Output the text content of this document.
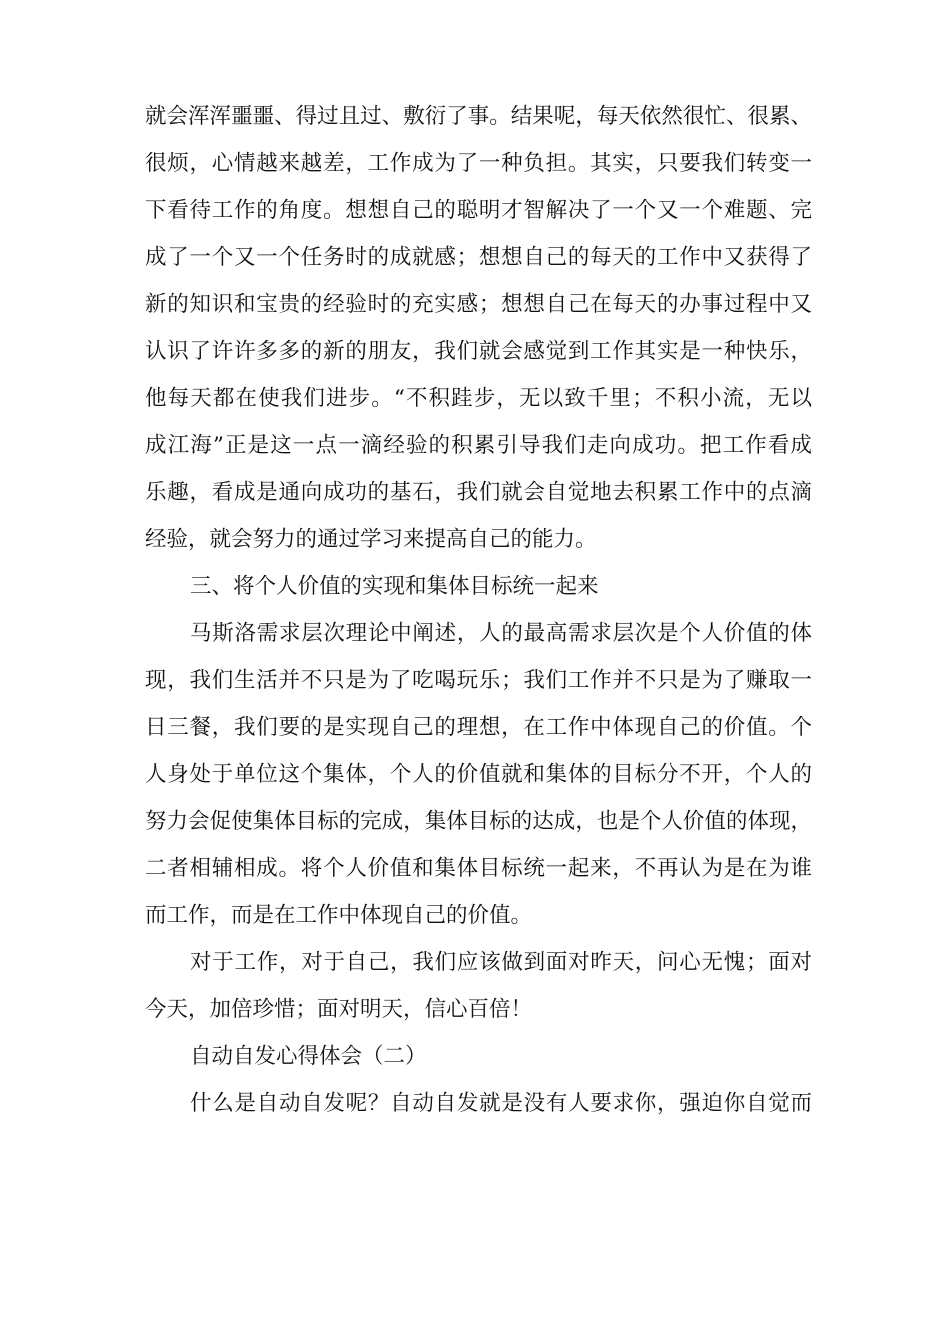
就会浑浑噩噩、得过且过、敷衍了事。结果呢，每天依然很忙、很累、
很烦，心情越来越差，工作成为了一种负担。其实，只要我们转变一
下看待工作的角度。想想自己的聪明才智解决了一个又一个难题、完
成了一个又一个任务时的成就感；想想自己的每天的工作中又获得了
新的知识和宝贵的经验时的充实感；想想自己在每天的办事过程中又
认识了许许多多的新的朋友，我们就会感觉到工作其实是一种快乐，
他每天都在使我们进步。“不积跬步，无以致千里；不积小流，无以
成江海”正是这一点一滴经验的积累引导我们走向成功。把工作看成
乐趣，看成是通向成功的基石，我们就会自觉地去积累工作中的点滴
经验，就会努力的通过学习来提高自己的能力。
三、将个人价值的实现和集体目标统一起来
马斯洛需求层次理论中阐述，人的最高需求层次是个人价值的体
现，我们生活并不只是为了吃喝玩乐；我们工作并不只是为了赚取一
日三餐，我们要的是实现自己的理想，在工作中体现自己的价值。个
人身处于单位这个集体，个人的价值就和集体的目标分不开，个人的
努力会促使集体目标的完成，集体目标的达成，也是个人价值的体现，
二者相辅相成。将个人价值和集体目标统一起来，不再认为是在为谁
而工作，而是在工作中体现自己的价值。
对于工作，对于自己，我们应该做到面对昨天，问心无愧；面对
今天，加倍珍惜；面对明天，信心百倍！
自动自发心得体会（二）
什么是自动自发呢？自动自发就是没有人要求你，强迫你自觉而
